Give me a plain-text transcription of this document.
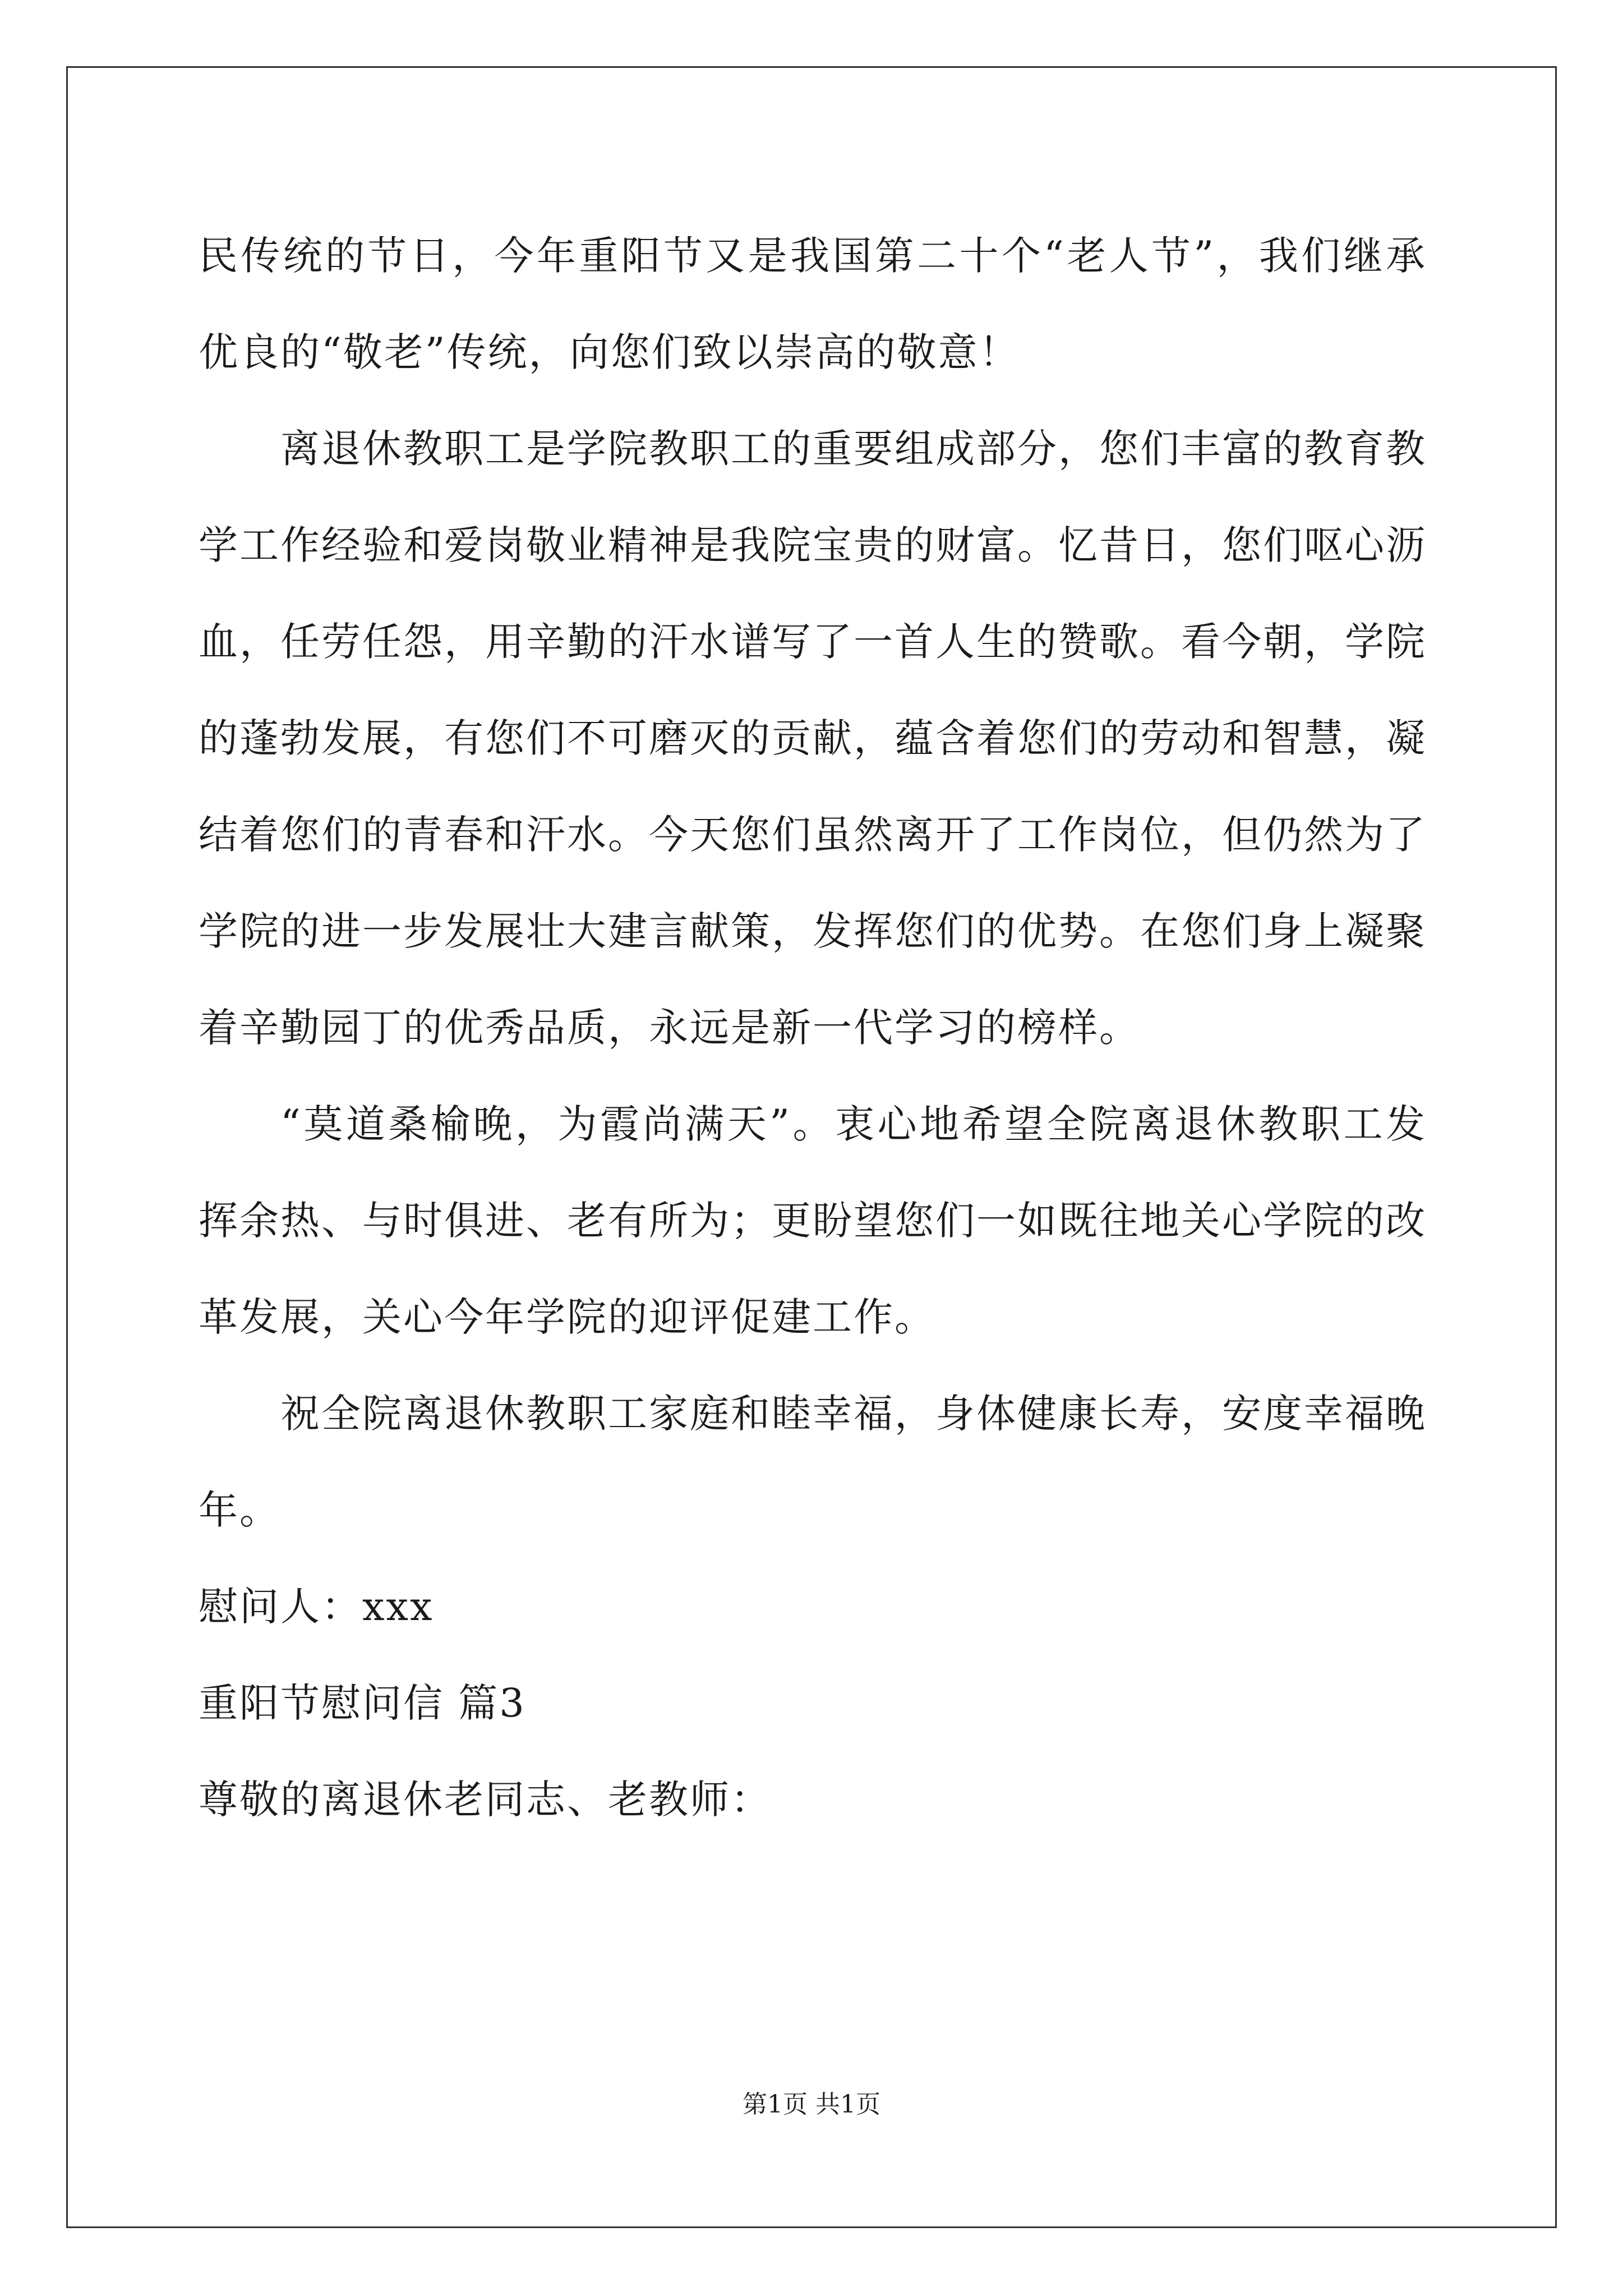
民传统的节日，今年重阳节又是我国第二十个“老人节”，我们继承优良的“敬老”传统，向您们致以崇高的敬意！

离退休教职工是学院教职工的重要组成部分，您们丰富的教育教学工作经验和爱岗敬业精神是我院宝贵的财富。忆昔日，您们呕心沥血，任劳任怨，用辛勤的汗水谱写了一首人生的赞歌。看今朝，学院的蓬勃发展，有您们不可磨灭的贡献，蕴含着您们的劳动和智慧，凝结着您们的青春和汗水。今天您们虽然离开了工作岗位，但仍然为了学院的进一步发展壮大建言献策，发挥您们的优势。在您们身上凝聚着辛勤园丁的优秀品质，永远是新一代学习的榜样。

“莫道桑榆晚，为霞尚满天”。衷心地希望全院离退休教职工发挥余热、与时俱进、老有所为；更盼望您们一如既往地关心学院的改革发展，关心今年学院的迎评促建工作。

祝全院离退休教职工家庭和睦幸福，身体健康长寿，安度幸福晚年。

慰问人：xxx

重阳节慰问信 篇3

尊敬的离退休老同志、老教师：

第1页 共1页
